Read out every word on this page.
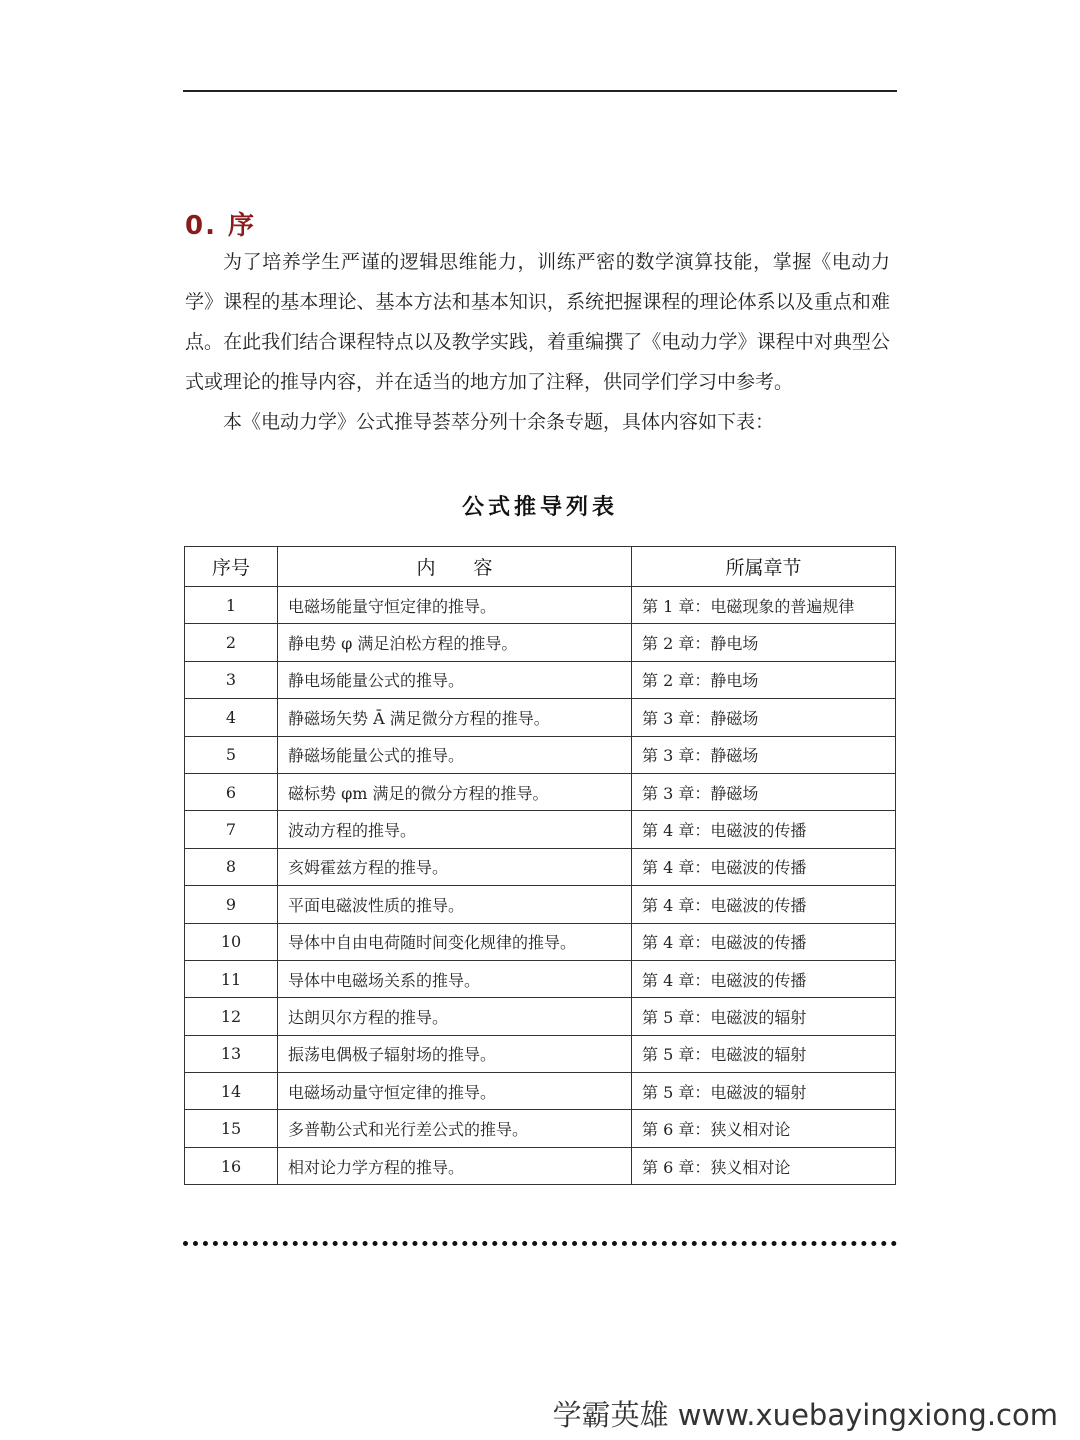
0. 序

为了培养学生严谨的逻辑思维能力，训练严密的数学演算技能，掌握《电动力学》课程的基本理论、基本方法和基本知识，系统把握课程的理论体系以及重点和难点。在此我们结合课程特点以及教学实践，着重编撰了《电动力学》课程中对典型公式或理论的推导内容，并在适当的地方加了注释，供同学们学习中参考。

本《电动力学》公式推导荟萃分列十余条专题，具体内容如下表：

公式推导列表
序号	内　　容	所属章节
1	电磁场能量守恒定律的推导。	第 1 章：电磁现象的普遍规律
2	静电势 φ 满足泊松方程的推导。	第 2 章：静电场
3	静电场能量公式的推导。	第 2 章：静电场
4	静磁场矢势 Ā 满足微分方程的推导。	第 3 章：静磁场
5	静磁场能量公式的推导。	第 3 章：静磁场
6	磁标势 φm 满足的微分方程的推导。	第 3 章：静磁场
7	波动方程的推导。	第 4 章：电磁波的传播
8	亥姆霍兹方程的推导。	第 4 章：电磁波的传播
9	平面电磁波性质的推导。	第 4 章：电磁波的传播
10	导体中自由电荷随时间变化规律的推导。	第 4 章：电磁波的传播
11	导体中电磁场关系的推导。	第 4 章：电磁波的传播
12	达朗贝尔方程的推导。	第 5 章：电磁波的辐射
13	振荡电偶极子辐射场的推导。	第 5 章：电磁波的辐射
14	电磁场动量守恒定律的推导。	第 5 章：电磁波的辐射
15	多普勒公式和光行差公式的推导。	第 6 章：狭义相对论
16	相对论力学方程的推导。	第 6 章：狭义相对论
学霸英雄 www.xuebayingxiong.com
